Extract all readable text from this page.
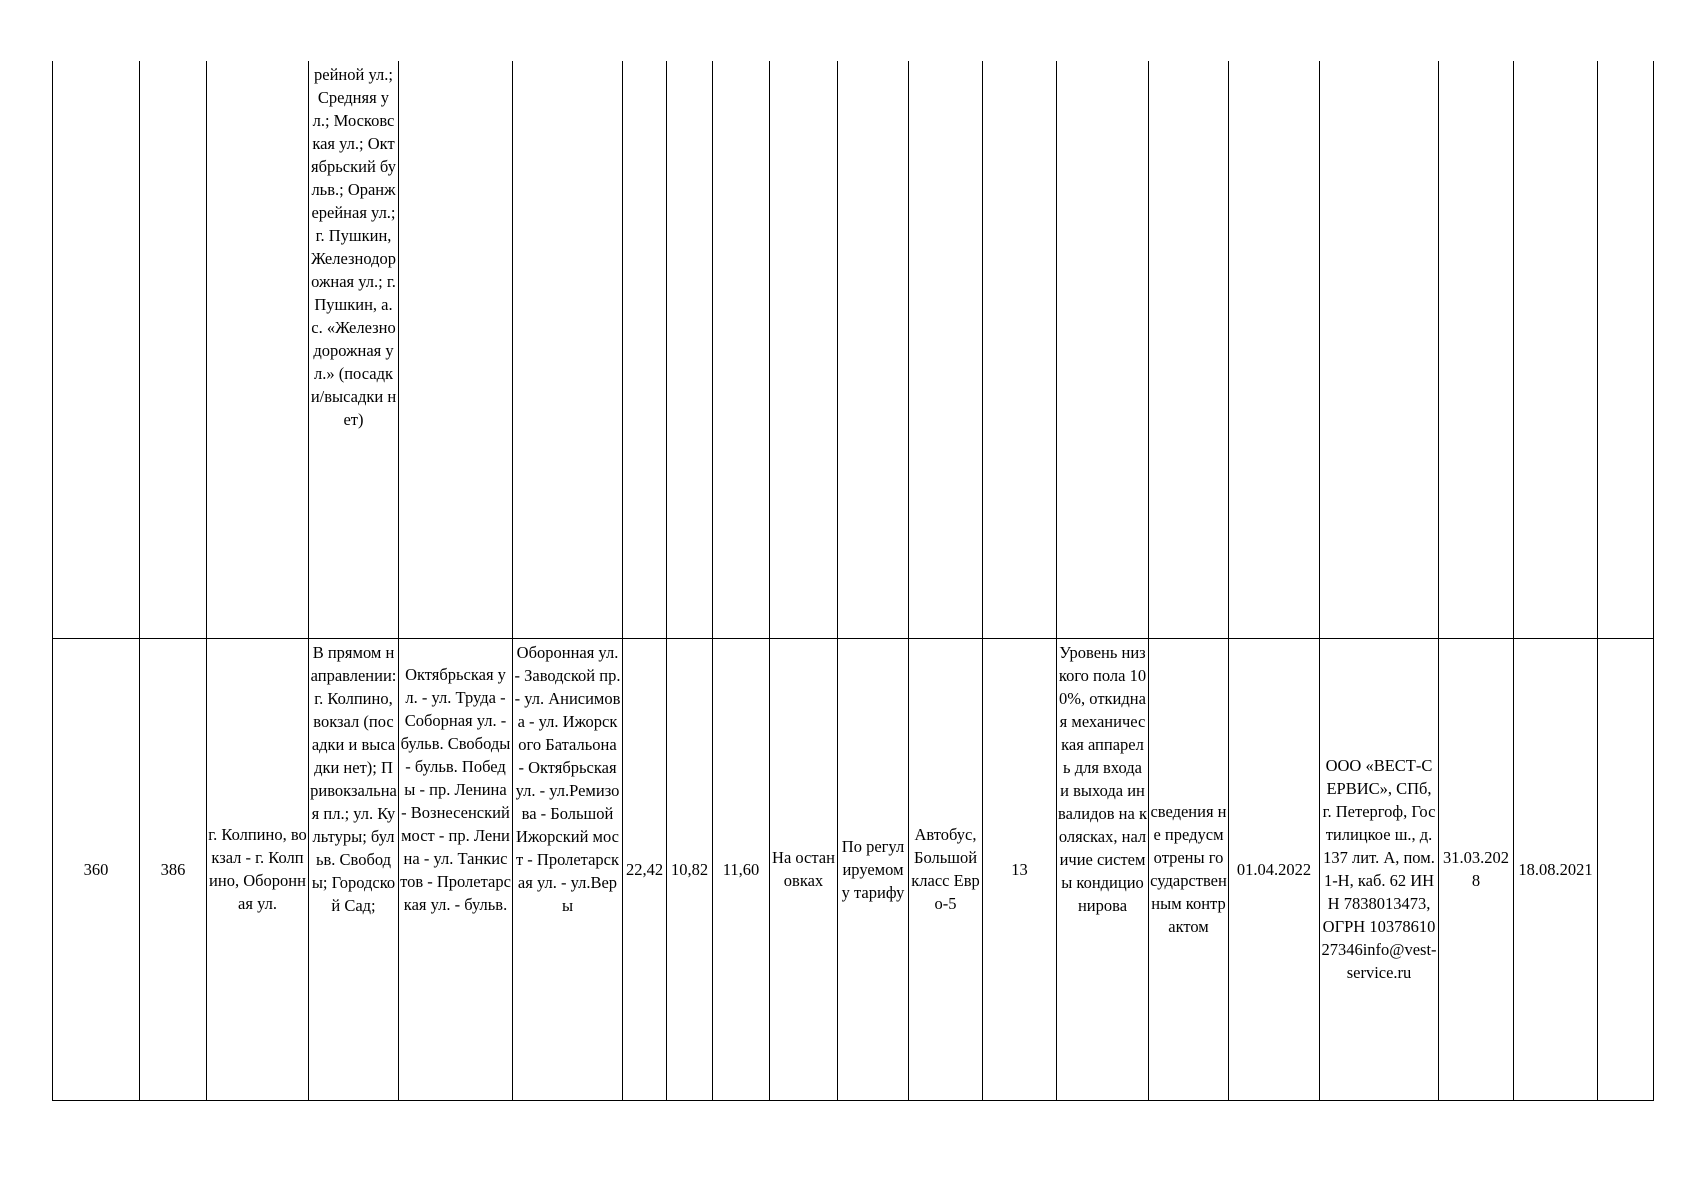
			рейной ул.; Средняя ул.; Московская ул.; Октябрьский бульв.; Оранжерейная ул.; г. Пушкин, Железнодорожная ул.; г. Пушкин, а.с. «Железнодорожная ул.» (посадки/высадки нет)																
360	386	г. Колпино, вокзал - г. Колпино, Оборонная ул.	В прямом направлении:г. Колпино, вокзал (посадки и высадки нет); Привокзальная пл.; ул. Культуры; бульв. Свободы; Городской Сад;	Октябрьская ул. - ул. Труда - Соборная ул. - бульв. Свободы - бульв. Победы - пр. Ленина - Вознесенский мост - пр. Ленина - ул. Танкистов - Пролетарская ул. - бульв.	Оборонная ул. - Заводской пр. - ул. Анисимова - ул. Ижорского Батальона - Октябрьская ул. - ул.Ремизова - Большой Ижорский мост - Пролетарская ул. - ул.Веры	22,42	10,82	11,60	На остановках	По регулируемому тарифу	Автобус, Большой класс Евро-5	13	Уровень низкого пола 100%, откидная механическая аппарель для входа и выхода инвалидов на колясках, наличие системы кондиционирова	сведения не предусмотрены государственным контрактом	01.04.2022	ООО «ВЕСТ-СЕРВИС», СПб, г. Петергоф, Гостилицкое ш., д. 137 лит. А, пом. 1-Н, каб. 62 ИНН 7838013473, ОГРН 1037861027346info@vest-service.ru	31.03.2028	18.08.2021	
